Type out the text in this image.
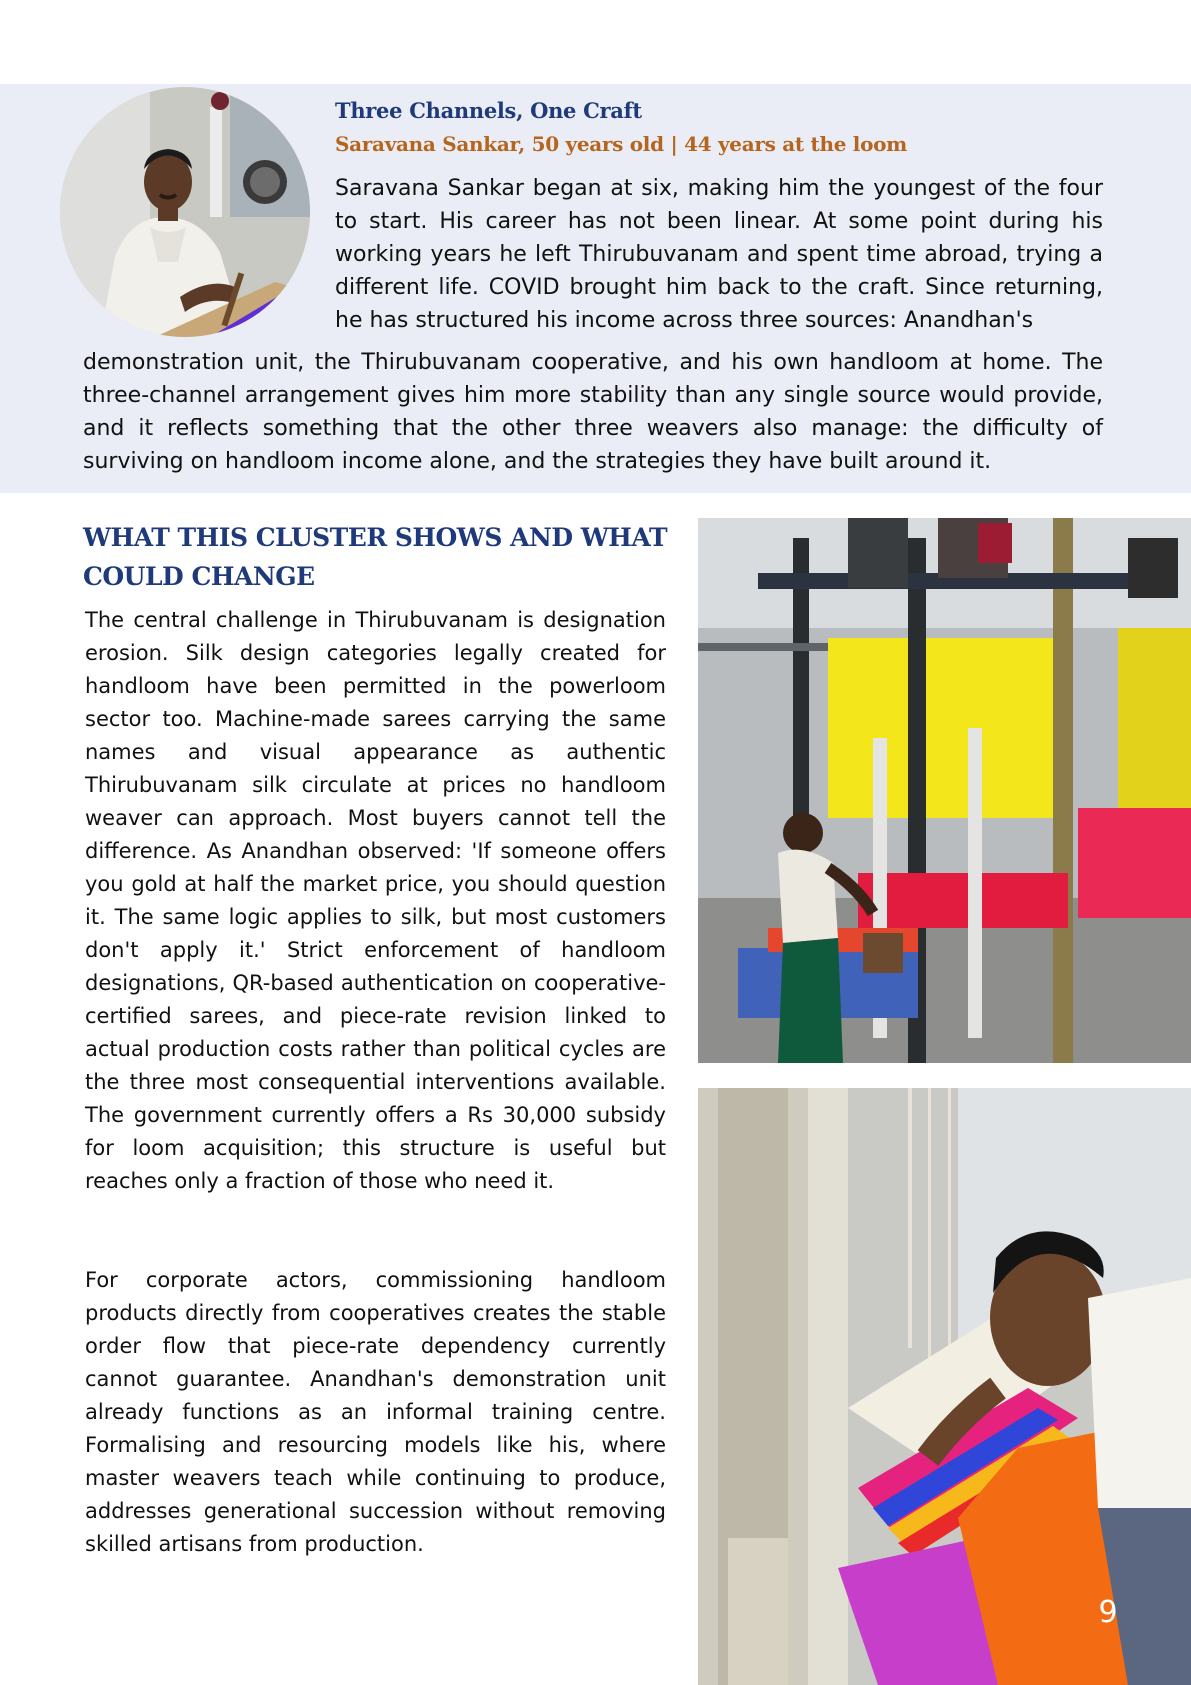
Three Channels, One Craft
Saravana Sankar, 50 years old | 44 years at the loom
Saravana Sankar began at six, making him the youngest of the four to start. His career has not been linear. At some point during his working years he left Thirubuvanam and spent time abroad, trying a different life. COVID brought him back to the craft. Since returning, he has structured his income across three sources: Anandhan's
demonstration unit, the Thirubuvanam cooperative, and his own handloom at home. The three-channel arrangement gives him more stability than any single source would provide, and it reflects something that the other three weavers also manage: the difficulty of surviving on handloom income alone, and the strategies they have built around it.
WHAT THIS CLUSTER SHOWS AND WHAT COULD CHANGE
The central challenge in Thirubuvanam is designation erosion. Silk design categories legally created for handloom have been permitted in the powerloom sector too. Machine-made sarees carrying the same names and visual appearance as authentic Thirubuvanam silk circulate at prices no handloom weaver can approach. Most buyers cannot tell the difference. As Anandhan observed: 'If someone offers you gold at half the market price, you should question it. The same logic applies to silk, but most customers don't apply it.' Strict enforcement of handloom designations, QR-based authentication on cooperative-certified sarees, and piece-rate revision linked to actual production costs rather than political cycles are the three most consequential interventions available. The government currently offers a Rs 30,000 subsidy for loom acquisition; this structure is useful but reaches only a fraction of those who need it.
For corporate actors, commissioning handloom products directly from cooperatives creates the stable order flow that piece-rate dependency currently cannot guarantee. Anandhan's demonstration unit already functions as an informal training centre. Formalising and resourcing models like his, where master weavers teach while continuing to produce, addresses generational succession without removing skilled artisans from production.
9
